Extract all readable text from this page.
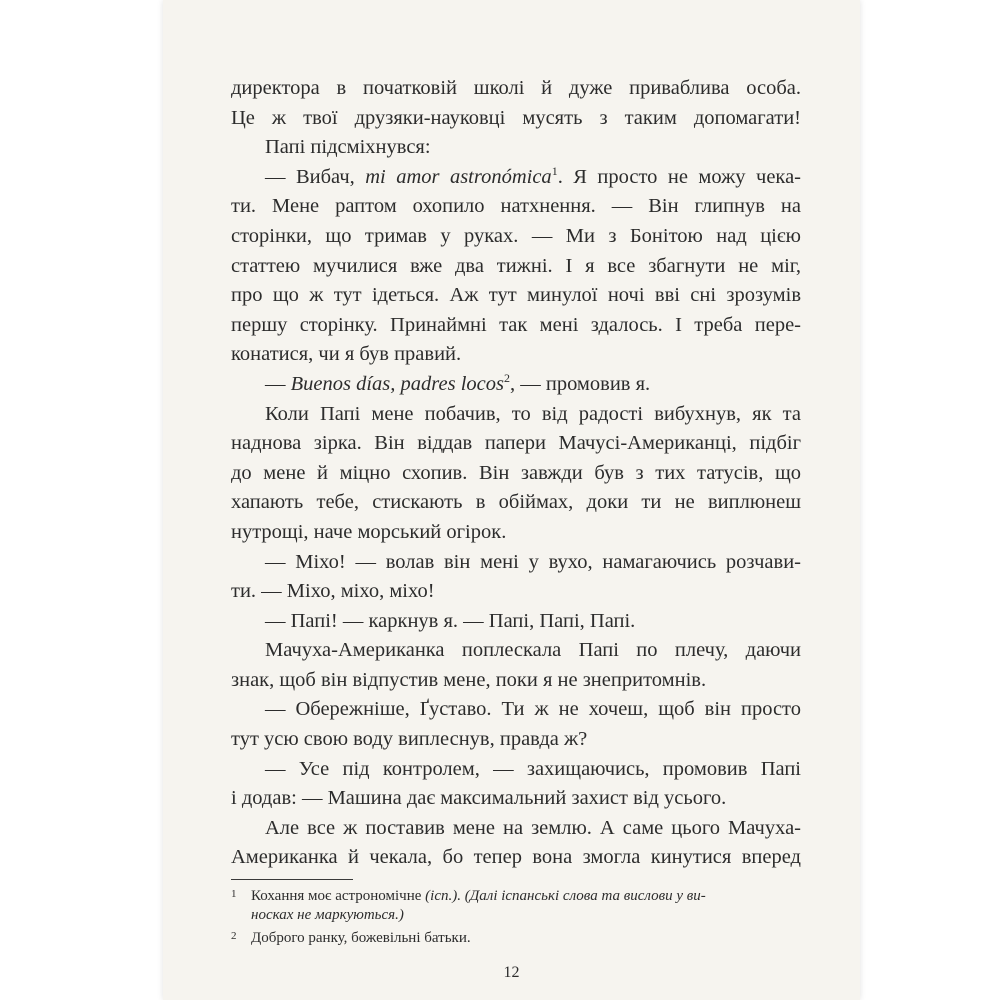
директора в початковій школі й дуже приваблива особа.
Це ж твої друзяки-науковці мусять з таким допомагати!
Папі підсміхнувся:
— Вибач, mi amor astronómica$^1$. Я просто не можу чека-
ти. Мене раптом охопило натхнення. — Він глипнув на
сторінки, що тримав у руках. — Ми з Бонітою над цією
статтею мучилися вже два тижні. І я все збагнути не міг,
про що ж тут ідеться. Аж тут минулої ночі вві сні зрозумів
першу сторінку. Принаймні так мені здалось. І треба пере-
конатися, чи я був правий.
— Buenos días, padres locos$^2$, — промовив я.
Коли Папі мене побачив, то від радості вибухнув, як та
наднова зірка. Він віддав папери Мачусі-Американці, підбіг
до мене й міцно схопив. Він завжди був з тих татусів, що
хапають тебе, стискають в обіймах, доки ти не виплюнеш
нутрощі, наче морський огірок.
— Міхо! — волав він мені у вухо, намагаючись розчави-
ти. — Міхо, міхо, міхо!
— Папі! — каркнув я. — Папі, Папі, Папі.
Мачуха-Американка поплескала Папі по плечу, даючи
знак, щоб він відпустив мене, поки я не знепритомнів.
— Обережніше, Ґуставо. Ти ж не хочеш, щоб він просто
тут усю свою воду виплеснув, правда ж?
— Усе під контролем, — захищаючись, промовив Папі
і додав: — Машина дає максимальний захист від усього.
Але все ж поставив мене на землю. А саме цього Мачуха-
Американка й чекала, бо тепер вона змогла кинутися вперед
1 Кохання моє астрономічне (ісп.). (Далі іспанські слова та вислови у ви-
носках не маркуються.)
2 Доброго ранку, божевільні батьки.
12
